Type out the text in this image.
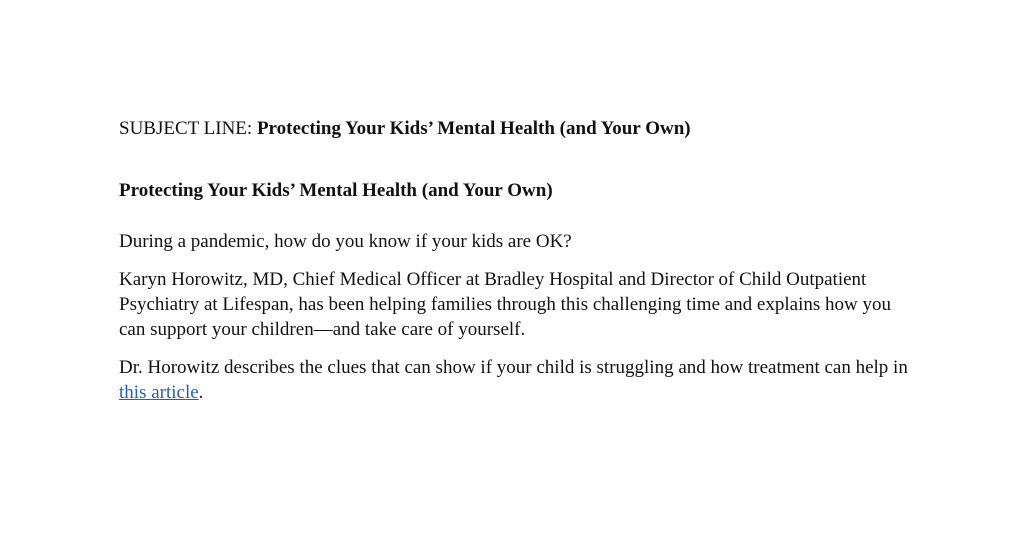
SUBJECT LINE: Protecting Your Kids’ Mental Health (and Your Own)

Protecting Your Kids’ Mental Health (and Your Own)

During a pandemic, how do you know if your kids are OK?

Karyn Horowitz, MD, Chief Medical Officer at Bradley Hospital and Director of Child Outpatient Psychiatry at Lifespan, has been helping families through this challenging time and explains how you can support your children—and take care of yourself.

Dr. Horowitz describes the clues that can show if your child is struggling and how treatment can help in this article.
